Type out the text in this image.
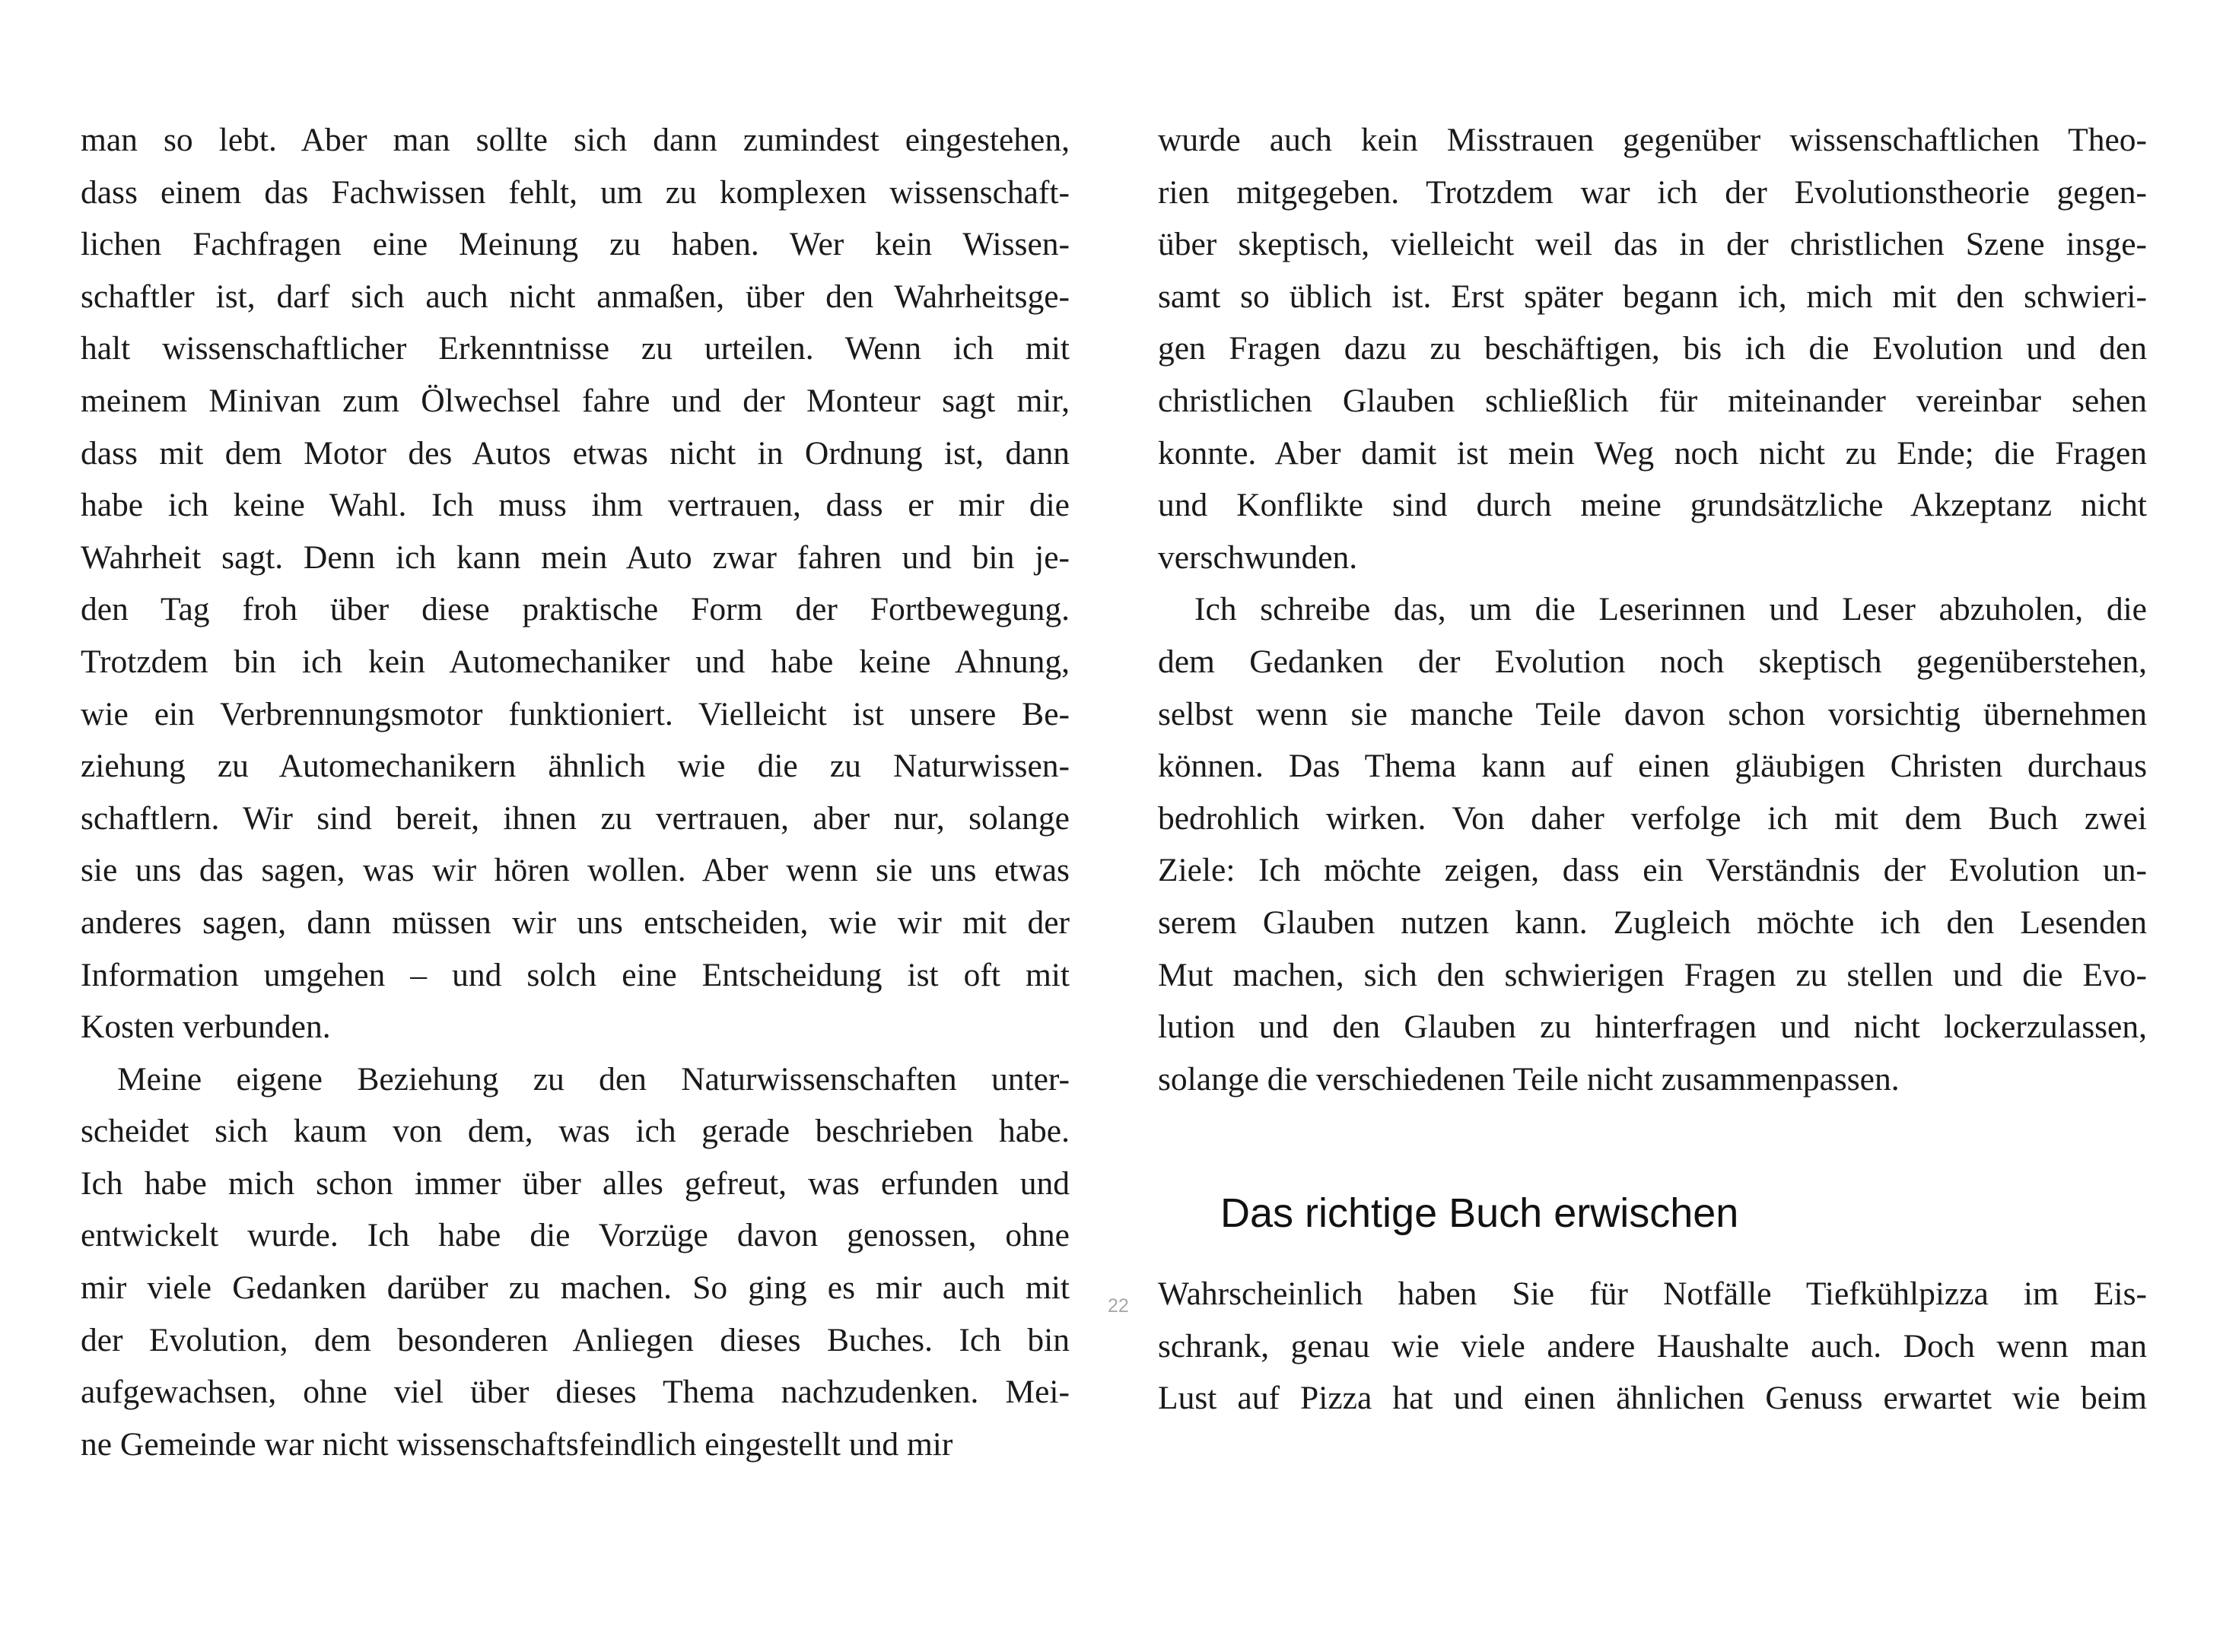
man so lebt. Aber man sollte sich dann zumindest eingestehen,
dass einem das Fachwissen fehlt, um zu komplexen wissenschaft-
lichen Fachfragen eine Meinung zu haben. Wer kein Wissen-
schaftler ist, darf sich auch nicht anmaßen, über den Wahrheitsge-
halt wissenschaftlicher Erkenntnisse zu urteilen. Wenn ich mit
meinem Minivan zum Ölwechsel fahre und der Monteur sagt mir,
dass mit dem Motor des Autos etwas nicht in Ordnung ist, dann
habe ich keine Wahl. Ich muss ihm vertrauen, dass er mir die
Wahrheit sagt. Denn ich kann mein Auto zwar fahren und bin je-
den Tag froh über diese praktische Form der Fortbewegung.
Trotzdem bin ich kein Automechaniker und habe keine Ahnung,
wie ein Verbrennungsmotor funktioniert. Vielleicht ist unsere Be-
ziehung zu Automechanikern ähnlich wie die zu Naturwissen-
schaftlern. Wir sind bereit, ihnen zu vertrauen, aber nur, solange
sie uns das sagen, was wir hören wollen. Aber wenn sie uns etwas
anderes sagen, dann müssen wir uns entscheiden, wie wir mit der
Information umgehen – und solch eine Entscheidung ist oft mit
Kosten verbunden.

Meine eigene Beziehung zu den Naturwissenschaften unter-
scheidet sich kaum von dem, was ich gerade beschrieben habe.
Ich habe mich schon immer über alles gefreut, was erfunden und
entwickelt wurde. Ich habe die Vorzüge davon genossen, ohne
mir viele Gedanken darüber zu machen. So ging es mir auch mit
der Evolution, dem besonderen Anliegen dieses Buches. Ich bin
aufgewachsen, ohne viel über dieses Thema nachzudenken. Mei-
ne Gemeinde war nicht wissenschaftsfeindlich eingestellt und mir

wurde auch kein Misstrauen gegenüber wissenschaftlichen Theo-
rien mitgegeben. Trotzdem war ich der Evolutionstheorie gegen-
über skeptisch, vielleicht weil das in der christlichen Szene insge-
samt so üblich ist. Erst später begann ich, mich mit den schwieri-
gen Fragen dazu zu beschäftigen, bis ich die Evolution und den
christlichen Glauben schließlich für miteinander vereinbar sehen
konnte. Aber damit ist mein Weg noch nicht zu Ende; die Fragen
und Konflikte sind durch meine grundsätzliche Akzeptanz nicht
verschwunden.

Ich schreibe das, um die Leserinnen und Leser abzuholen, die
dem Gedanken der Evolution noch skeptisch gegenüberstehen,
selbst wenn sie manche Teile davon schon vorsichtig übernehmen
können. Das Thema kann auf einen gläubigen Christen durchaus
bedrohlich wirken. Von daher verfolge ich mit dem Buch zwei
Ziele: Ich möchte zeigen, dass ein Verständnis der Evolution un-
serem Glauben nutzen kann. Zugleich möchte ich den Lesenden
Mut machen, sich den schwierigen Fragen zu stellen und die Evo-
lution und den Glauben zu hinterfragen und nicht lockerzulassen,
solange die verschiedenen Teile nicht zusammenpassen.

Das richtige Buch erwischen

Wahrscheinlich haben Sie für Notfälle Tiefkühlpizza im Eis-
schrank, genau wie viele andere Haushalte auch. Doch wenn man
Lust auf Pizza hat und einen ähnlichen Genuss erwartet wie beim

22
